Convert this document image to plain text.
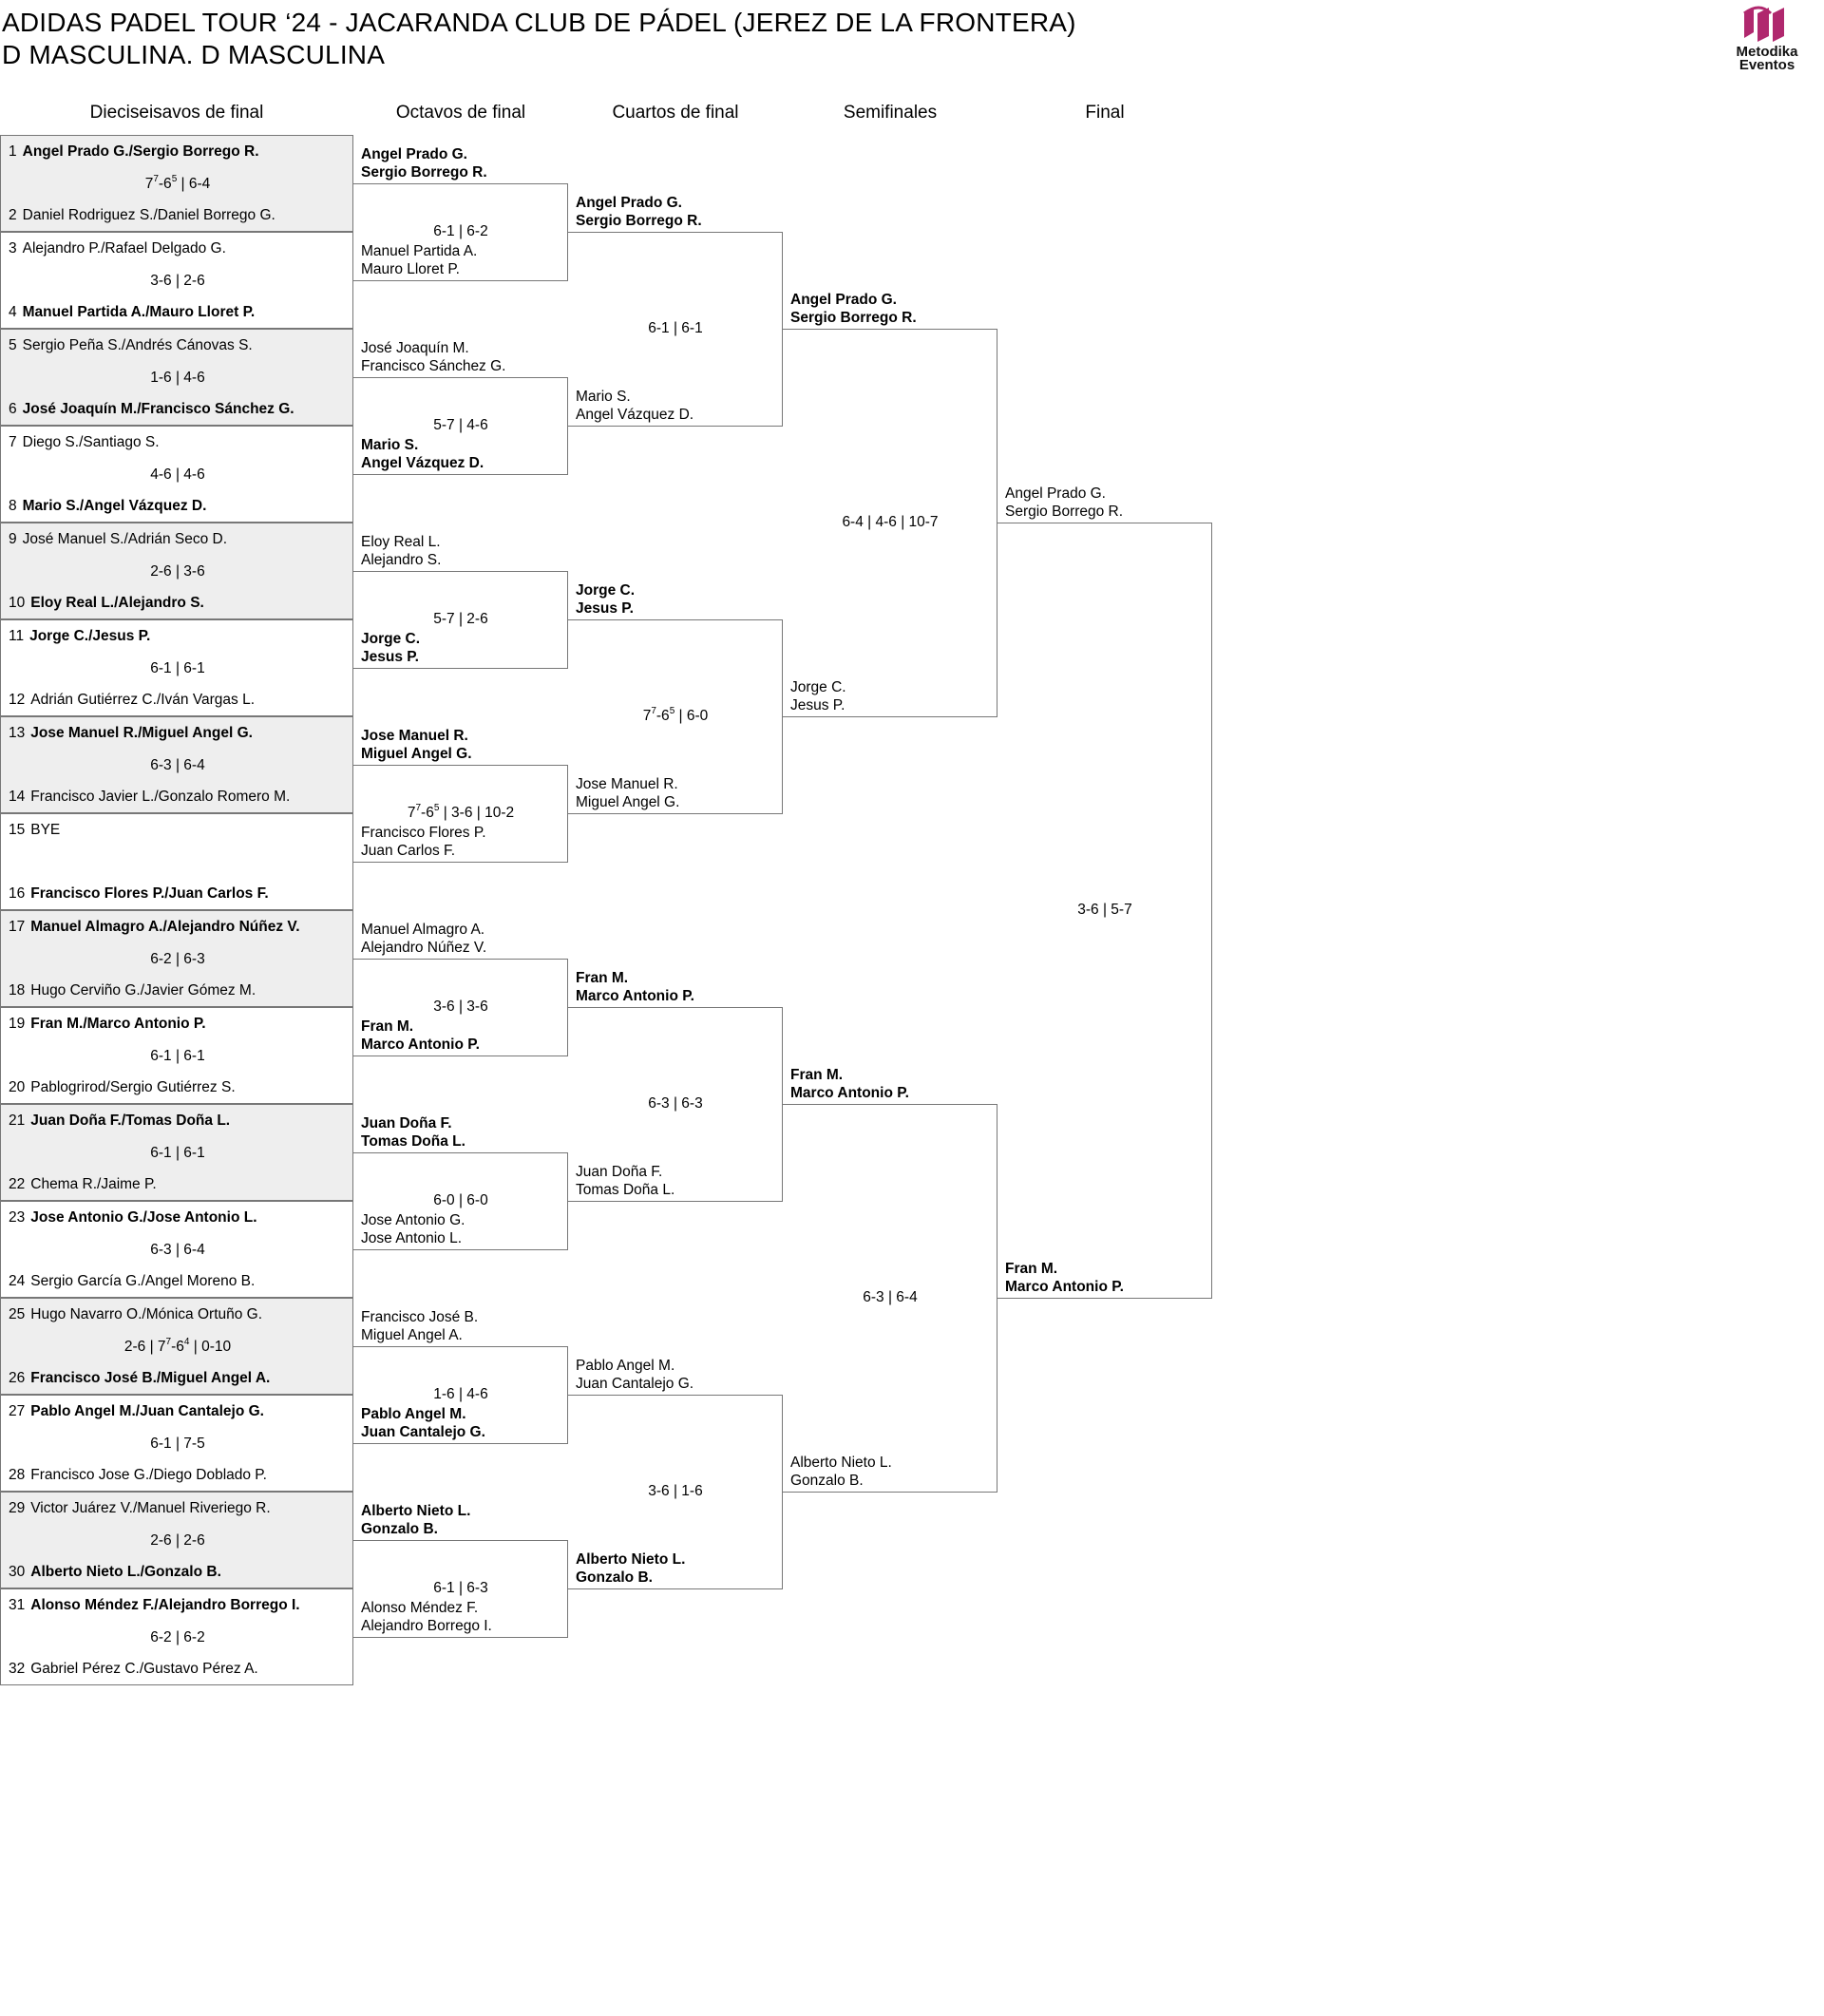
ADIDAS PADEL TOUR ‘24 - JACARANDA CLUB DE PÁDEL (JEREZ DE LA FRONTERA)
D MASCULINA. D MASCULINA	Metodika
Eventos
Dieciseisavos de final	Octavos de final	Cuartos de final	Semifinales	Final
1 Angel Prado G./Sergio Borrego R.
2 Daniel Rodriguez S./Daniel Borrego G.
$7^7-6^5$ | 6-4
3 Alejandro P./Rafael Delgado G.
4 Manuel Partida A./Mauro Lloret P.
3-6 | 2-6
5 Sergio Peña S./Andrés Cánovas S.
6 José Joaquín M./Francisco Sánchez G.
1-6 | 4-6
7 Diego S./Santiago S.
8 Mario S./Angel Vázquez D.
4-6 | 4-6
9 José Manuel S./Adrián Seco D.
10 Eloy Real L./Alejandro S.
2-6 | 3-6
11 Jorge C./Jesus P.
12 Adrián Gutiérrez C./Iván Vargas L.
6-1 | 6-1
13 Jose Manuel R./Miguel Angel G.
14 Francisco Javier L./Gonzalo Romero M.
6-3 | 6-4
15 BYE
16 Francisco Flores P./Juan Carlos F.
17 Manuel Almagro A./Alejandro Núñez V.
18 Hugo Cerviño G./Javier Gómez M.
6-2 | 6-3
19 Fran M./Marco Antonio P.
20 Pablogrirod/Sergio Gutiérrez S.
6-1 | 6-1
21 Juan Doña F./Tomas Doña L.
22 Chema R./Jaime P.
6-1 | 6-1
23 Jose Antonio G./Jose Antonio L.
24 Sergio García G./Angel Moreno B.
6-3 | 6-4
25 Hugo Navarro O./Mónica Ortuño G.
26 Francisco José B./Miguel Angel A.
2-6 | $7^7-6^4$ | 0-10
27 Pablo Angel M./Juan Cantalejo G.
28 Francisco Jose G./Diego Doblado P.
6-1 | 7-5
29 Victor Juárez V./Manuel Riveriego R.
30 Alberto Nieto L./Gonzalo B.
2-6 | 2-6
31 Alonso Méndez F./Alejandro Borrego I.
32 Gabriel Pérez C./Gustavo Pérez A.
6-2 | 6-2
Angel Prado G.
Sergio Borrego R.
Manuel Partida A.
Mauro Lloret P.
6-1 | 6-2
José Joaquín M.
Francisco Sánchez G.
Mario S.
Angel Vázquez D.
5-7 | 4-6
Eloy Real L.
Alejandro S.
Jorge C.
Jesus P.
5-7 | 2-6
Jose Manuel R.
Miguel Angel G.
Francisco Flores P.
Juan Carlos F.
$7^7-6^5$ | 3-6 | 10-2
Manuel Almagro A.
Alejandro Núñez V.
Fran M.
Marco Antonio P.
3-6 | 3-6
Juan Doña F.
Tomas Doña L.
Jose Antonio G.
Jose Antonio L.
6-0 | 6-0
Francisco José B.
Miguel Angel A.
Pablo Angel M.
Juan Cantalejo G.
1-6 | 4-6
Alberto Nieto L.
Gonzalo B.
Alonso Méndez F.
Alejandro Borrego I.
6-1 | 6-3
Angel Prado G.
Sergio Borrego R.
Mario S.
Angel Vázquez D.
6-1 | 6-1
Jorge C.
Jesus P.
Jose Manuel R.
Miguel Angel G.
$7^7-6^5$ | 6-0
Fran M.
Marco Antonio P.
Juan Doña F.
Tomas Doña L.
6-3 | 6-3
Pablo Angel M.
Juan Cantalejo G.
Alberto Nieto L.
Gonzalo B.
3-6 | 1-6
Angel Prado G.
Sergio Borrego R.
Jorge C.
Jesus P.
6-4 | 4-6 | 10-7
Fran M.
Marco Antonio P.
Alberto Nieto L.
Gonzalo B.
6-3 | 6-4
Angel Prado G.
Sergio Borrego R.
Fran M.
Marco Antonio P.
3-6 | 5-7
